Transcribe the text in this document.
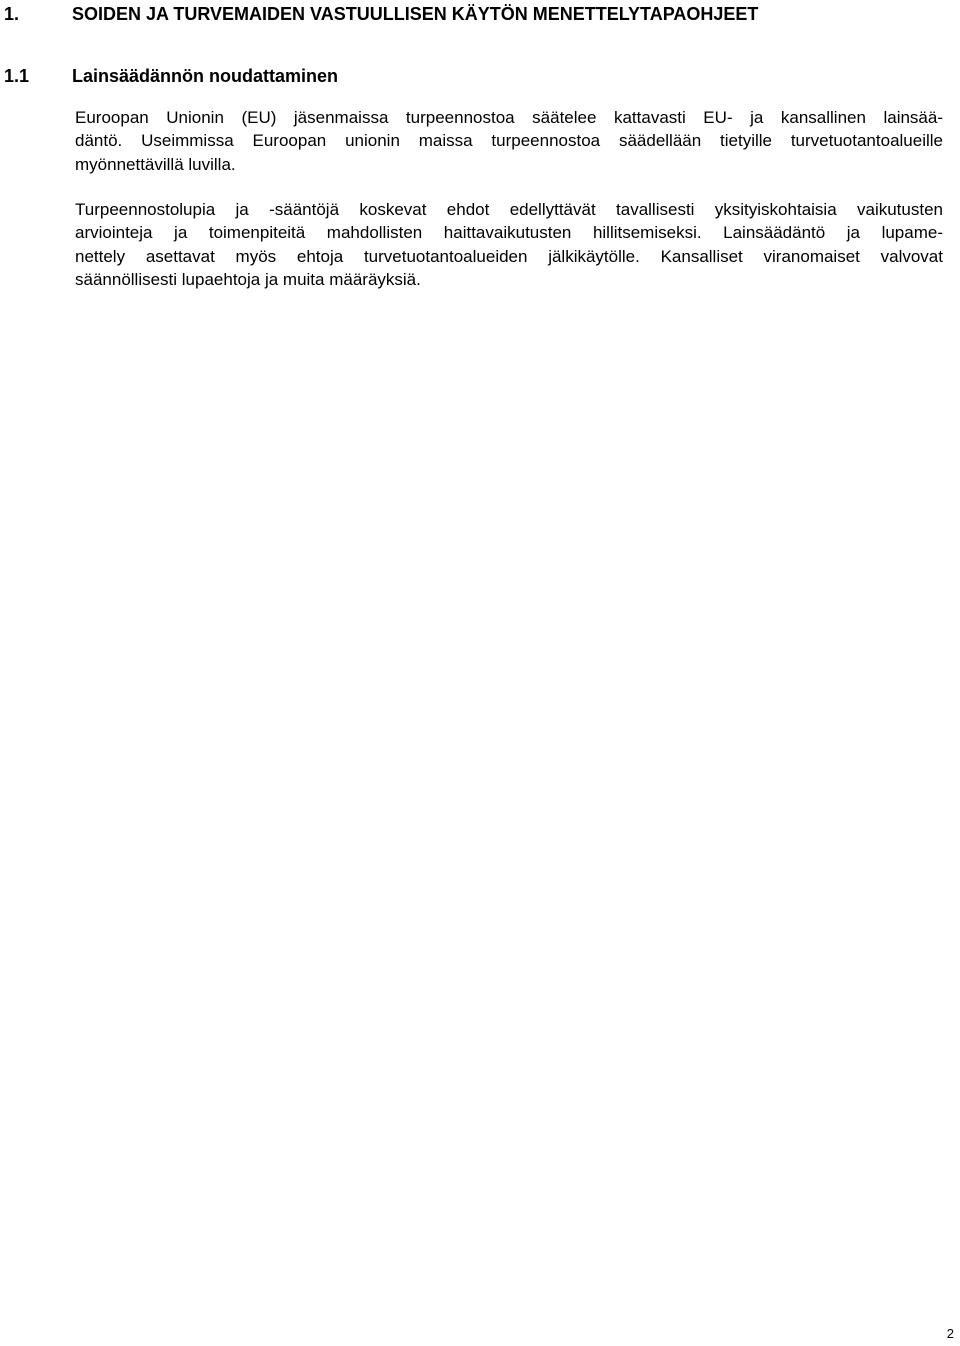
1.	SOIDEN JA TURVEMAIDEN VASTUULLISEN KÄYTÖN MENETTELYTAPAOHJEET
1.1 Lainsäädännön noudattaminen
Euroopan Unionin (EU) jäsenmaissa turpeennostoa säätelee kattavasti EU- ja kansallinen lainsää-
däntö. Useimmissa Euroopan unionin maissa turpeennostoa säädellään tietyille turvetuotantoalueille
myönnettävillä luvilla.
Turpeennostolupia ja -sääntöjä koskevat ehdot edellyttävät tavallisesti yksityiskohtaisia vaikutusten
arviointeja ja toimenpiteitä mahdollisten haittavaikutusten hillitsemiseksi. Lainsäädäntö ja lupame-
nettely asettavat myös ehtoja turvetuotantoalueiden jälkikäytölle. Kansalliset viranomaiset valvovat
säännöllisesti lupaehtoja ja muita määräyksiä.
2
